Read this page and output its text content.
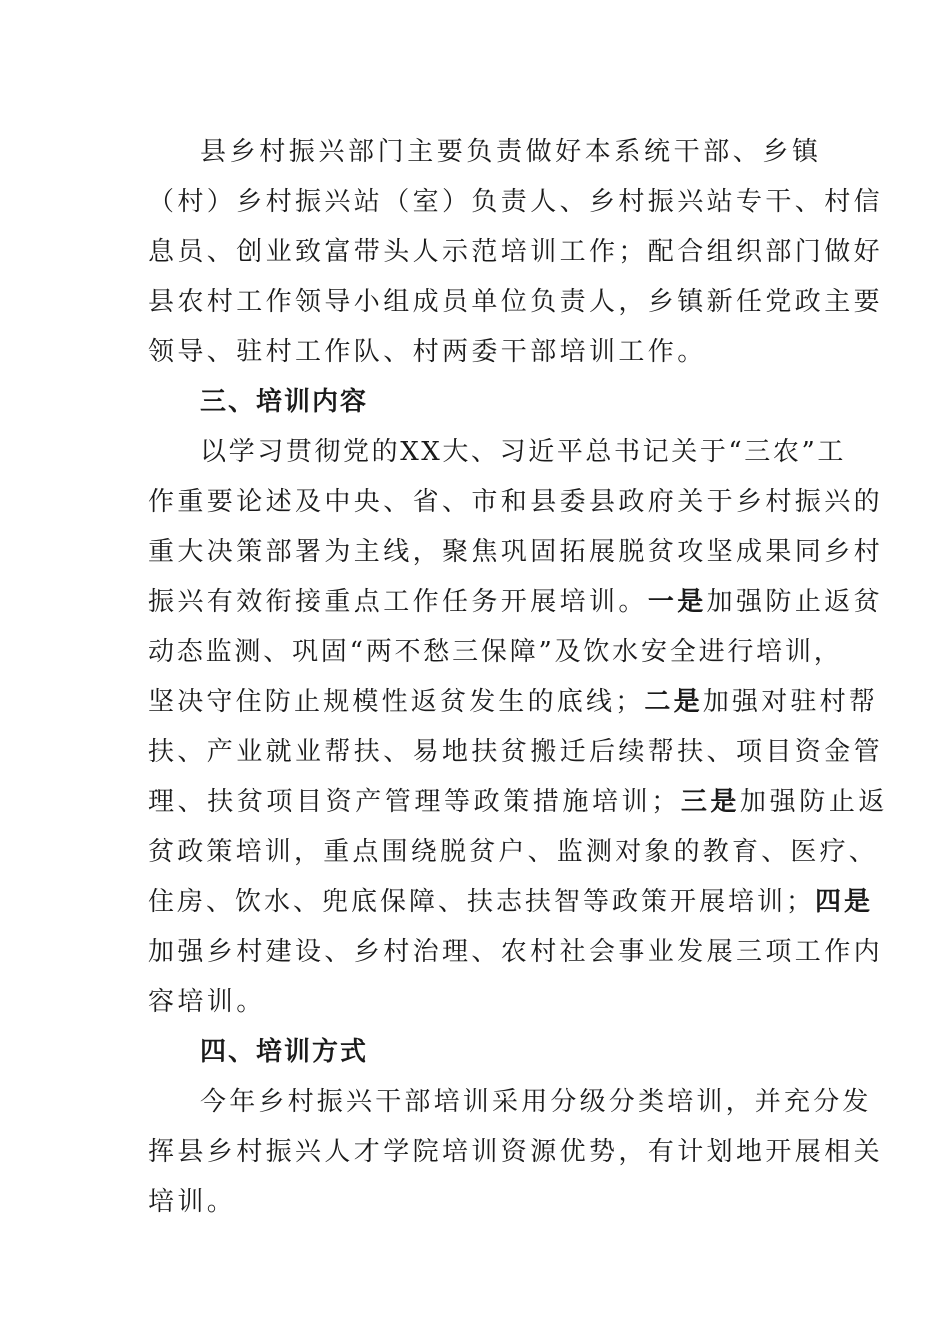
县乡村振兴部门主要负责做好本系统干部、乡镇
（村）乡村振兴站（室）负责人、乡村振兴站专干、村信
息员、创业致富带头人示范培训工作；配合组织部门做好
县农村工作领导小组成员单位负责人，乡镇新任党政主要
领导、驻村工作队、村两委干部培训工作。
三、培训内容
以学习贯彻党的XX大、习近平总书记关于“三农”工
作重要论述及中央、省、市和县委县政府关于乡村振兴的
重大决策部署为主线，聚焦巩固拓展脱贫攻坚成果同乡村
振兴有效衔接重点工作任务开展培训。一是加强防止返贫
动态监测、巩固“两不愁三保障”及饮水安全进行培训，
坚决守住防止规模性返贫发生的底线；二是加强对驻村帮
扶、产业就业帮扶、易地扶贫搬迁后续帮扶、项目资金管
理、扶贫项目资产管理等政策措施培训；三是加强防止返
贫政策培训，重点围绕脱贫户、监测对象的教育、医疗、
住房、饮水、兜底保障、扶志扶智等政策开展培训；四是
加强乡村建设、乡村治理、农村社会事业发展三项工作内
容培训。
四、培训方式
今年乡村振兴干部培训采用分级分类培训，并充分发
挥县乡村振兴人才学院培训资源优势，有计划地开展相关
培训。
